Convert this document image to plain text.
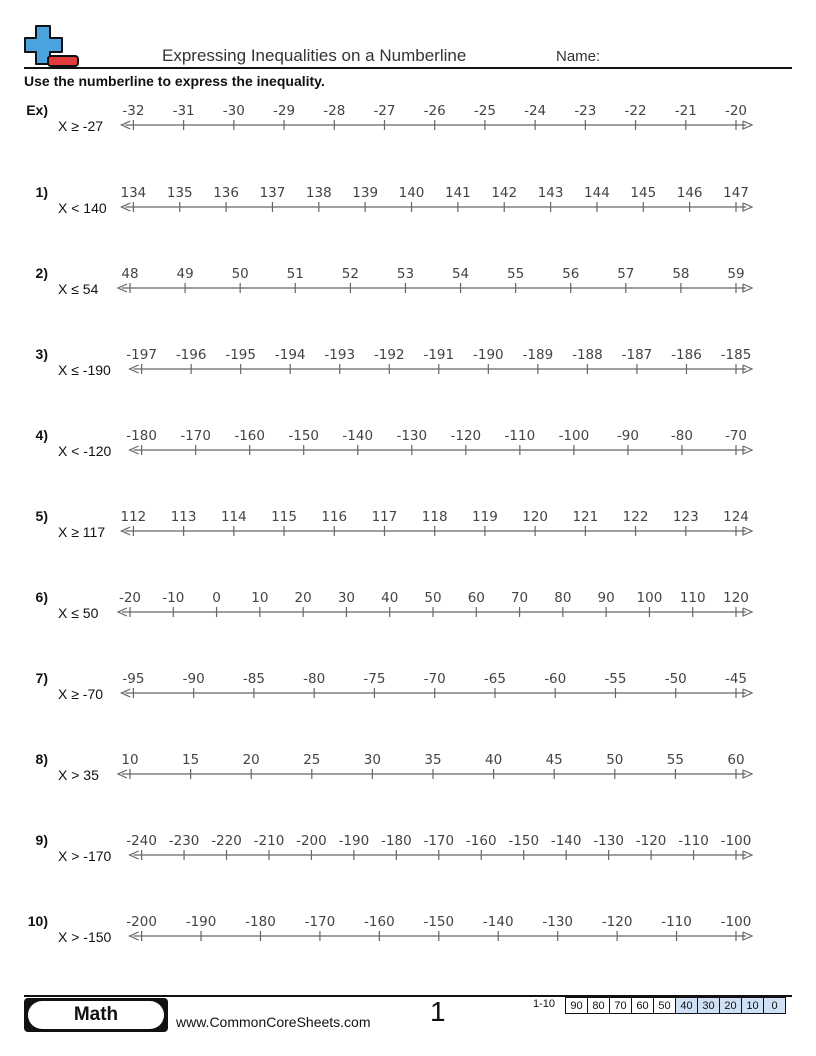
Expressing Inequalities on a Numberline	Name:
Use the numberline to express the inequality.
Ex)
X ≥ -27
-32 -31 -30 -29 -28 -27 -26 -25 -24 -23 -22 -21 -20
1)
X < 140
134 135 136 137 138 139 140 141 142 143 144 145 146 147
2)
X ≤ 54
48	49	50	51	52	53	54	55	56	57	58	59
3)
X ≤ -190
-197 -196 -195 -194 -193 -192 -191 -190 -189 -188 -187 -186 -185
4)
X < -120
-180 -170 -160 -150 -140 -130 -120 -110 -100 -90 -80 -70
5)
X ≥ 117
112 113 114 115 116 117 118 119 120 121 122 123 124
6)
X ≤ 50
-20 -10 0 10 20 30 40 50 60 70 80 90 100 110 120
7)
X ≥ -70
-95	-90	-85	-80	-75	-70	-65	-60	-55	-50	-45
8)
X > 35
10	15	20	25	30	35	40	45	50	55	60
9)
X > -170
-240 -230 -220 -210 -200 -190 -180 -170 -160 -150 -140 -130 -120 -110 -100
10)
X > -150
-200 -190 -180 -170 -160 -150 -140 -130 -120 -110 -100
Math	www.CommonCoreSheets.com 1	1-10 90	80	70	60	50	40	30	20	10	0
